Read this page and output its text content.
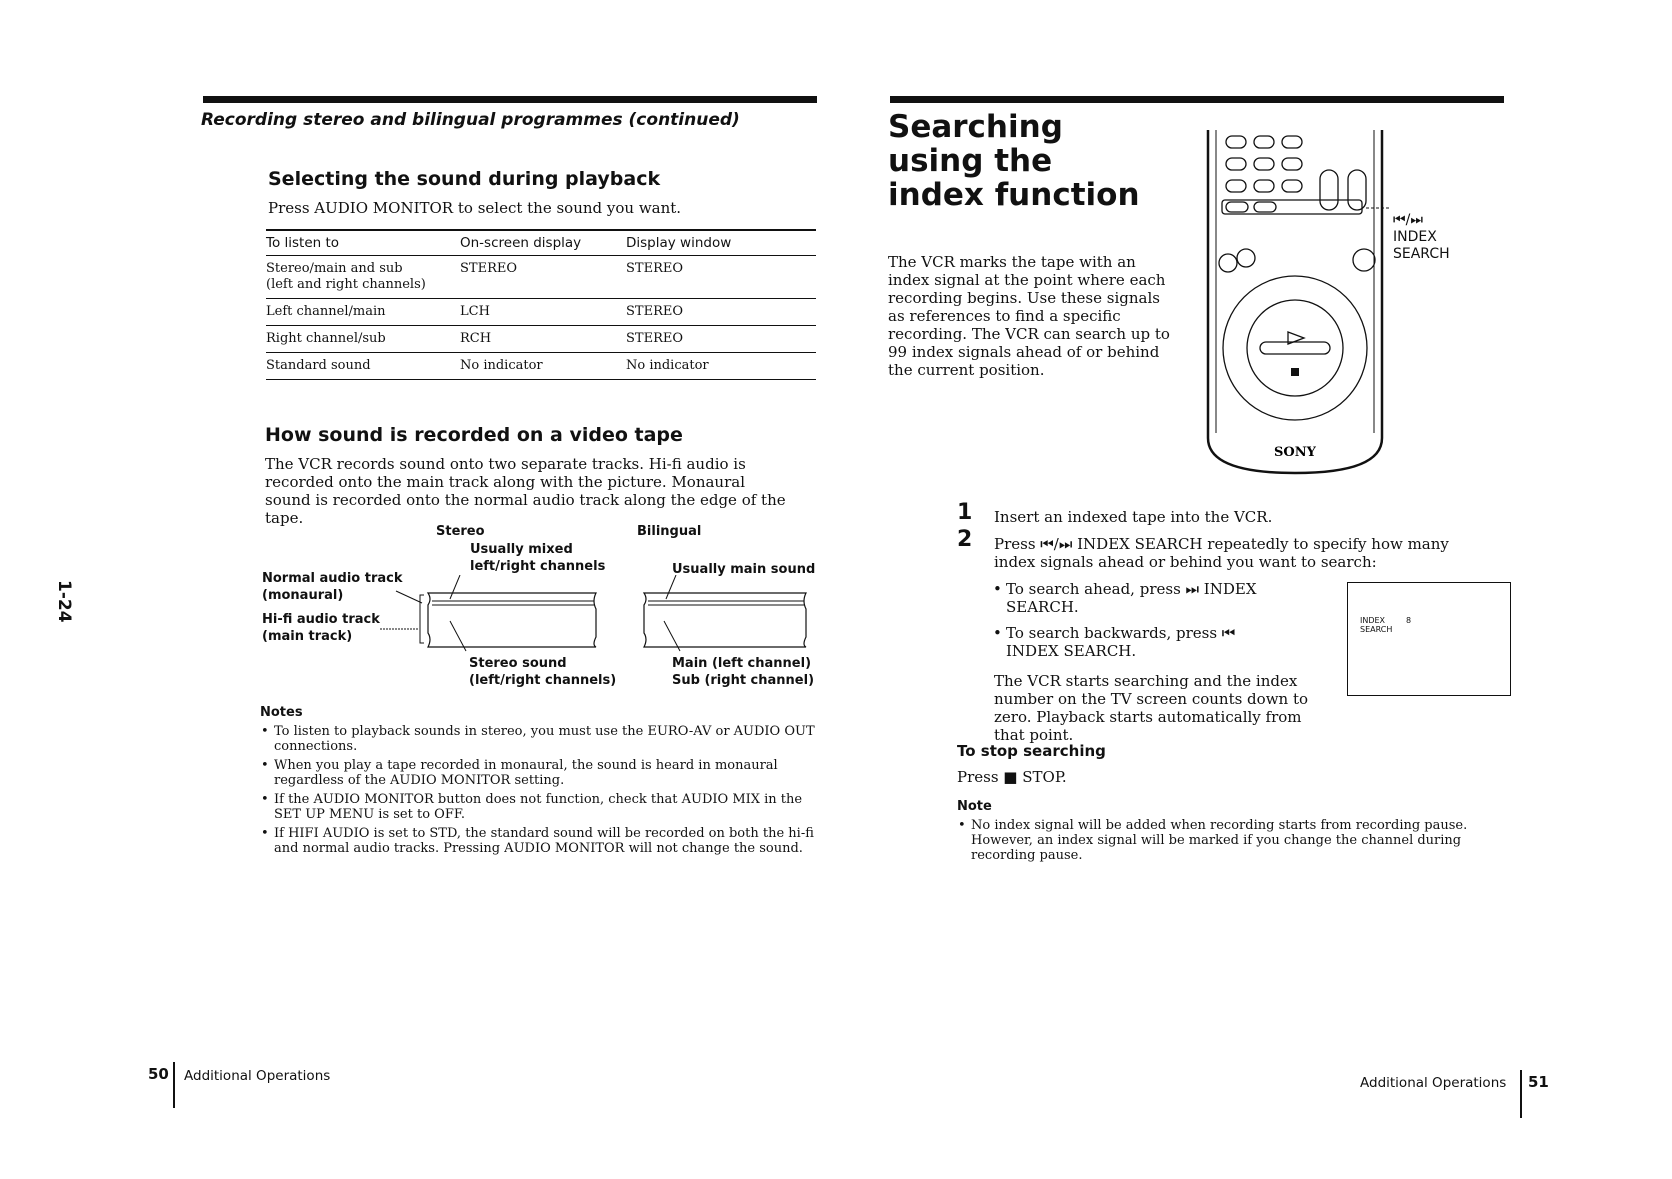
Recording stereo and bilingual programmes (continued)
1-24
Selecting the sound during playback
Press AUDIO MONITOR to select the sound you want.
To listen to	On-screen display	Display window
Stereo/main and sub
(left and right channels)	STEREO	STEREO
Left channel/main	LCH	STEREO
Right channel/sub	RCH	STEREO
Standard sound	No indicator	No indicator
How sound is recorded on a video tape
The VCR records sound onto two separate tracks. Hi-fi audio is recorded onto the main track along with the picture. Monaural sound is recorded onto the normal audio track along the edge of the tape.
Stereo	Bilingual
Usually mixed
left/right channels	Usually main sound
Normal audio track
(monaural)
Hi-fi audio track
(main track)
Stereo sound
(left/right channels)
Main (left channel)
Sub (right channel)
Notes
• To listen to playback sounds in stereo, you must use the EURO-AV or AUDIO OUT connections.
• When you play a tape recorded in monaural, the sound is heard in monaural regardless of the AUDIO MONITOR setting.
• If the AUDIO MONITOR button does not function, check that AUDIO MIX in the SET UP MENU is set to OFF.
• If HIFI AUDIO is set to STD, the standard sound will be recorded on both the hi-fi and normal audio tracks. Pressing AUDIO MONITOR will not change the sound.
50 Additional Operations
Searching using the index function
The VCR marks the tape with an index signal at the point where each recording begins. Use these signals as references to find a specific recording. The VCR can search up to 99 index signals ahead of or behind the current position.
SONY
⏮/⏭
INDEX
SEARCH
1 Insert an indexed tape into the VCR.
2 Press ⏮/⏭ INDEX SEARCH repeatedly to specify how many index signals ahead or behind you want to search:
• To search ahead, press ⏭ INDEX SEARCH.
• To search backwards, press ⏮ INDEX SEARCH.
The VCR starts searching and the index number on the TV screen counts down to zero. Playback starts automatically from that point.
INDEX
SEARCH
8
To stop searching
Press ■ STOP.
Note
• No index signal will be added when recording starts from recording pause. However, an index signal will be marked if you change the channel during recording pause.
Additional Operations 51
